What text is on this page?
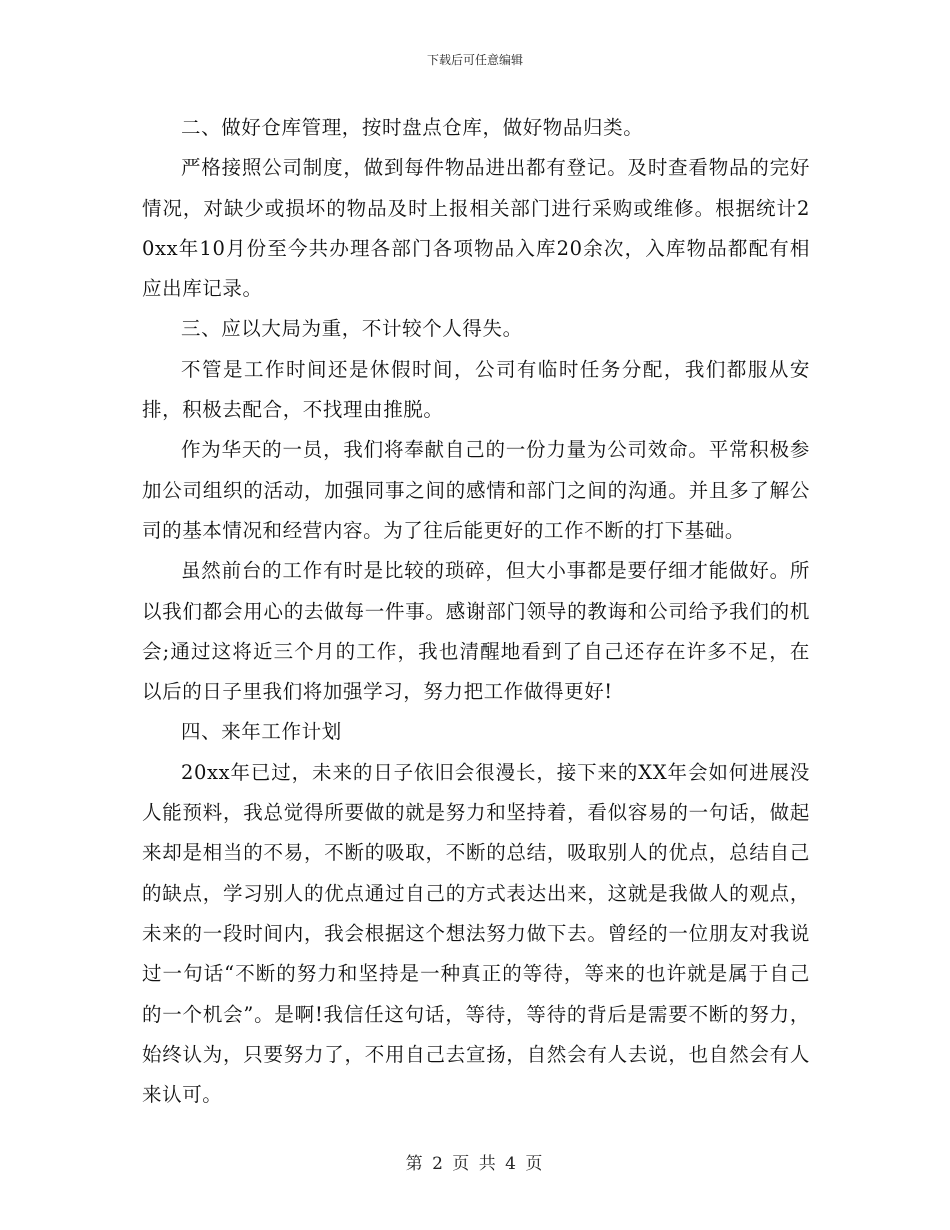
下载后可任意编辑

二、做好仓库管理，按时盘点仓库，做好物品归类。

严格接照公司制度，做到每件物品进出都有登记。及时查看物品的完好情况，对缺少或损坏的物品及时上报相关部门进行采购或维修。根据统计20xx年10月份至今共办理各部门各项物品入库20余次，入库物品都配有相应出库记录。

三、应以大局为重，不计较个人得失。

不管是工作时间还是休假时间，公司有临时任务分配，我们都服从安排，积极去配合，不找理由推脱。

作为华天的一员，我们将奉献自己的一份力量为公司效命。平常积极参加公司组织的活动，加强同事之间的感情和部门之间的沟通。并且多了解公司的基本情况和经营内容。为了往后能更好的工作不断的打下基础。

虽然前台的工作有时是比较的琐碎，但大小事都是要仔细才能做好。所以我们都会用心的去做每一件事。感谢部门领导的教诲和公司给予我们的机会;通过这将近三个月的工作，我也清醒地看到了自己还存在许多不足，在以后的日子里我们将加强学习，努力把工作做得更好!

四、来年工作计划

20xx年已过，未来的日子依旧会很漫长，接下来的XX年会如何进展没人能预料，我总觉得所要做的就是努力和坚持着，看似容易的一句话，做起来却是相当的不易，不断的吸取，不断的总结，吸取别人的优点，总结自己的缺点，学习别人的优点通过自己的方式表达出来，这就是我做人的观点，未来的一段时间内，我会根据这个想法努力做下去。曾经的一位朋友对我说过一句话“不断的努力和坚持是一种真正的等待，等来的也许就是属于自己的一个机会”。是啊!我信任这句话，等待，等待的背后是需要不断的努力，始终认为，只要努力了，不用自己去宣扬，自然会有人去说，也自然会有人来认可。

第 2 页 共 4 页
